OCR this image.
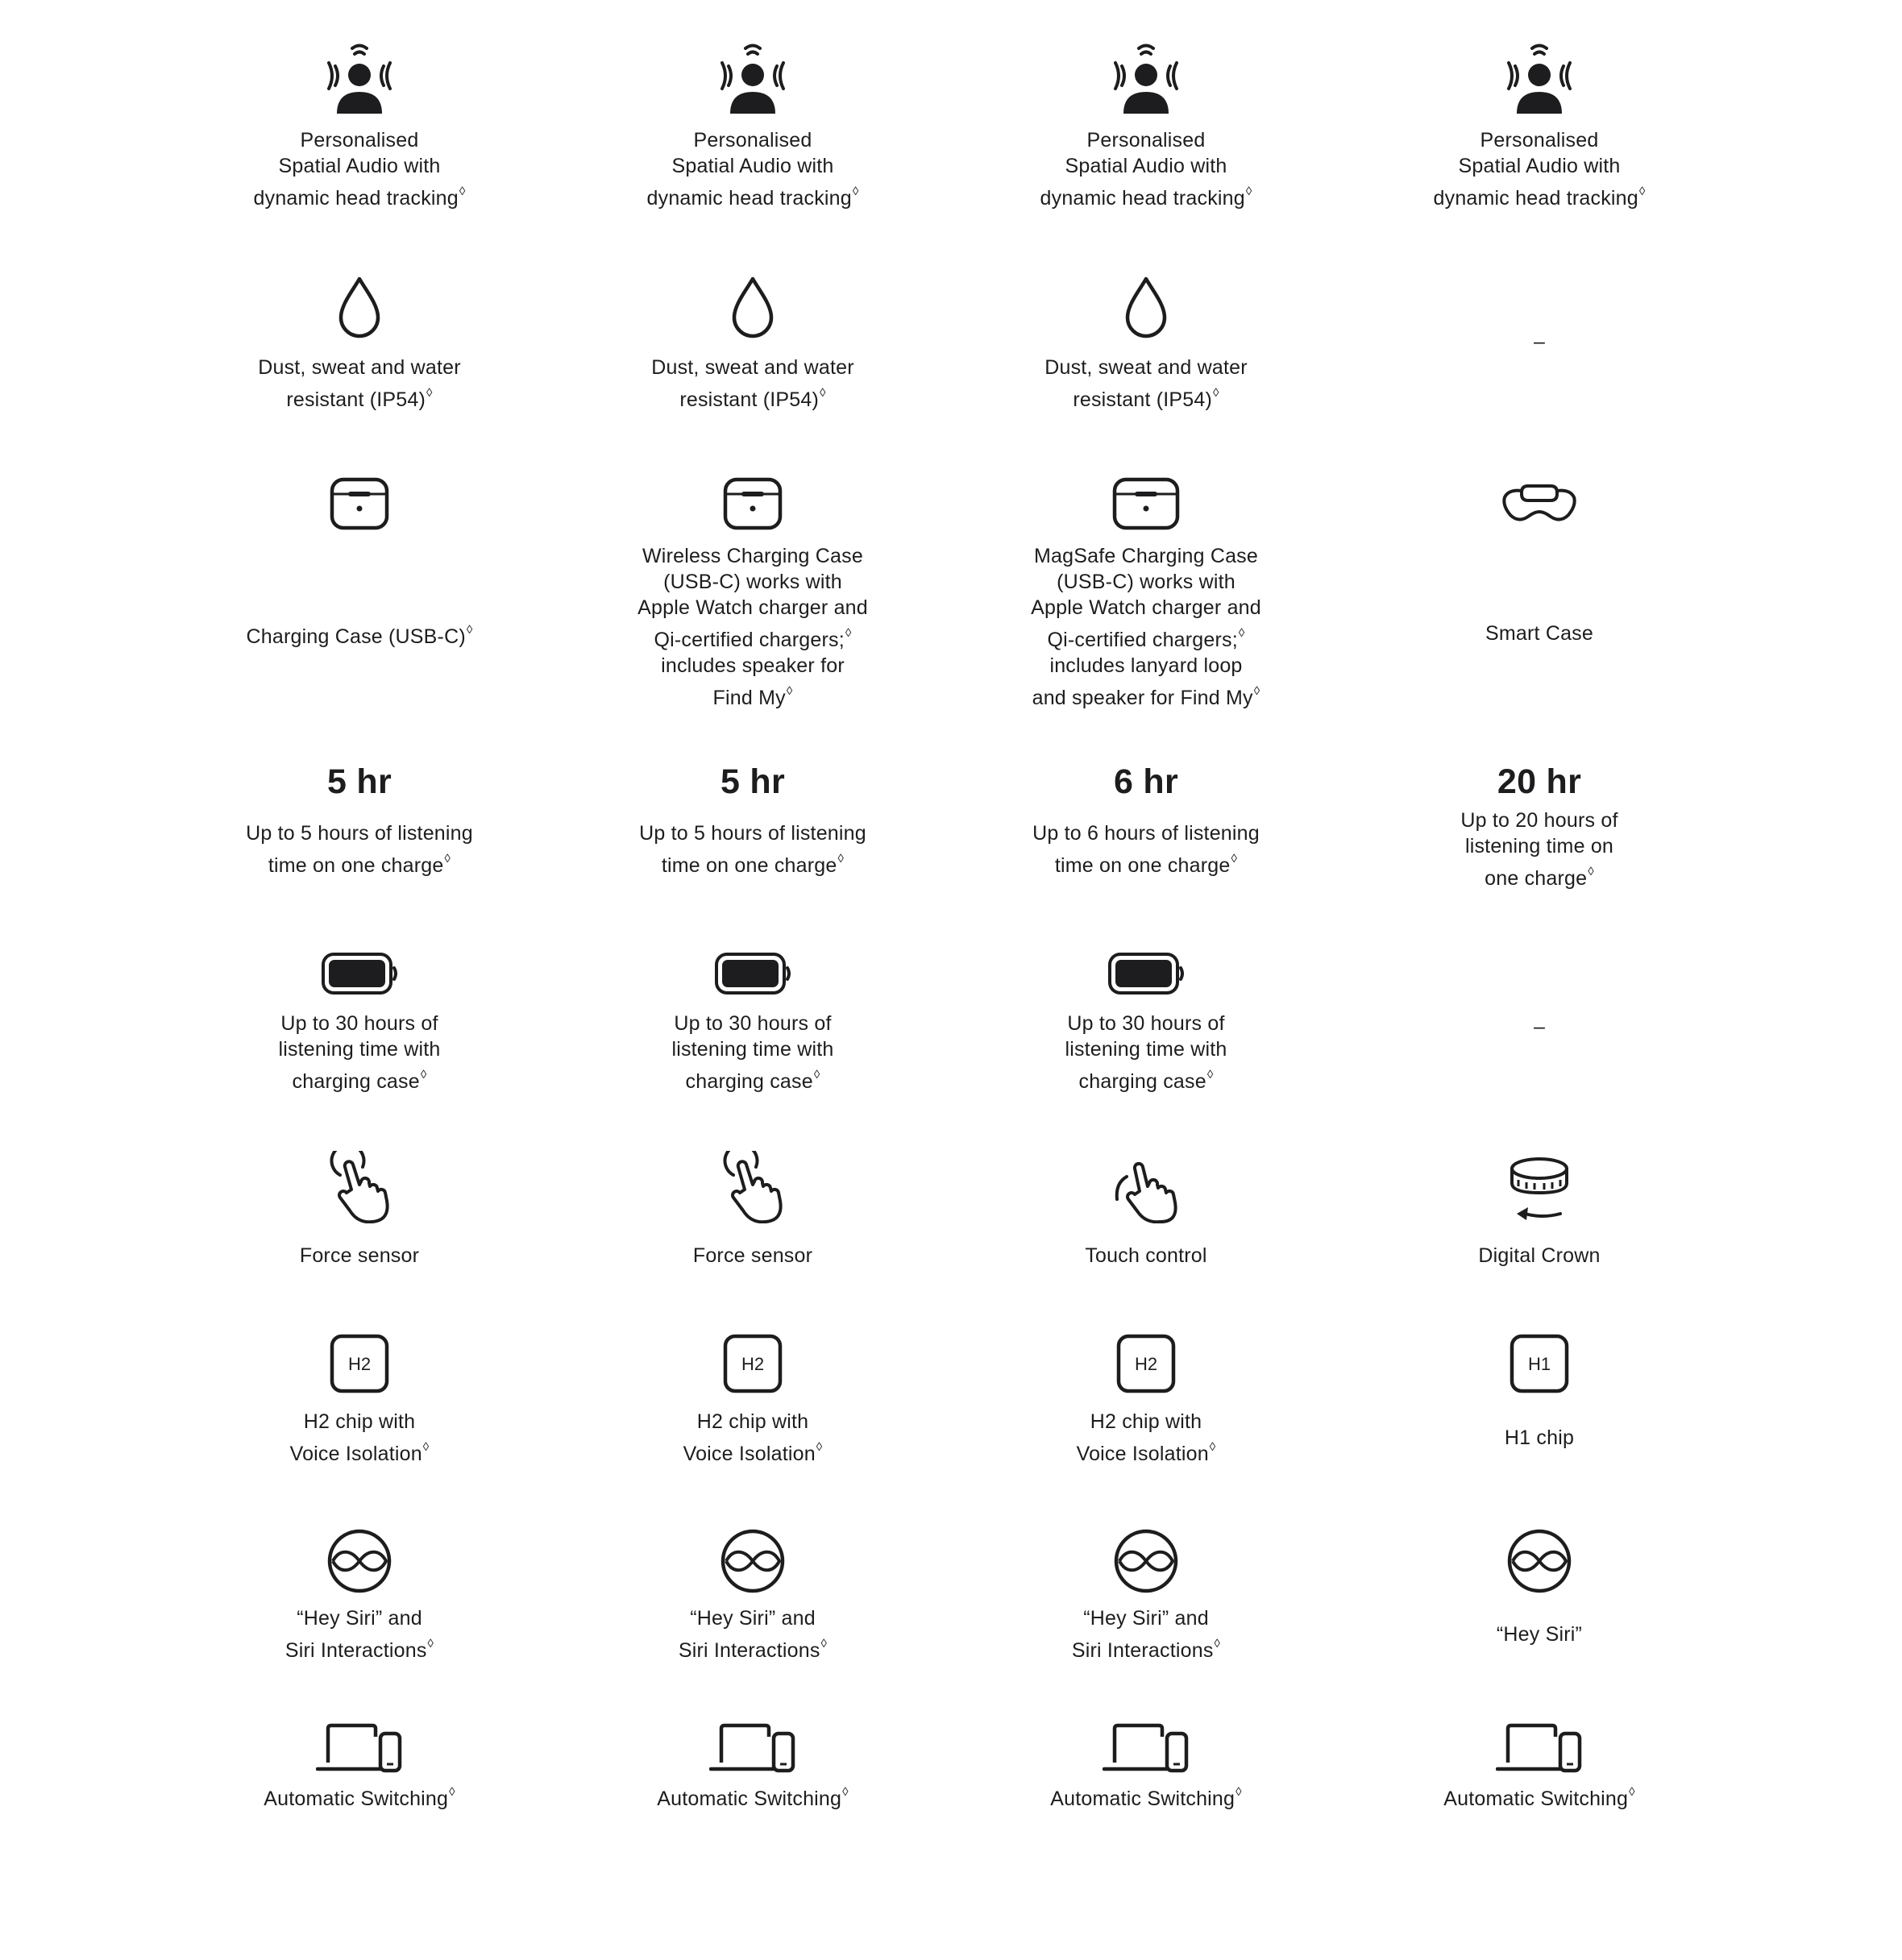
Personalised
Spatial Audio with
dynamic head tracking◊
Dust, sweat and water
resistant (IP54)◊
Charging Case (USB-C)◊
5 hr
Up to 5 hours of listening
time on one charge◊
Up to 30 hours of
listening time with
charging case◊
Force sensor
H2
H2 chip with
Voice Isolation◊
“Hey Siri” and
Siri Interactions◊
Automatic Switching◊
Personalised
Spatial Audio with
dynamic head tracking◊
Dust, sweat and water
resistant (IP54)◊
Wireless Charging Case
(USB-C) works with
Apple Watch charger and
Qi-certified chargers;◊
includes speaker for
Find My◊
5 hr
Up to 5 hours of listening
time on one charge◊
Up to 30 hours of
listening time with
charging case◊
Force sensor
H2
H2 chip with
Voice Isolation◊
“Hey Siri” and
Siri Interactions◊
Automatic Switching◊
Personalised
Spatial Audio with
dynamic head tracking◊
Dust, sweat and water
resistant (IP54)◊
MagSafe Charging Case
(USB-C) works with
Apple Watch charger and
Qi-certified chargers;◊
includes lanyard loop
and speaker for Find My◊
6 hr
Up to 6 hours of listening
time on one charge◊
Up to 30 hours of
listening time with
charging case◊
Touch control
H2
H2 chip with
Voice Isolation◊
“Hey Siri” and
Siri Interactions◊
Automatic Switching◊
Personalised
Spatial Audio with
dynamic head tracking◊
–
Smart Case
20 hr
Up to 20 hours of
listening time on
one charge◊
–
Digital Crown
H1
H1 chip
“Hey Siri”
Automatic Switching◊
